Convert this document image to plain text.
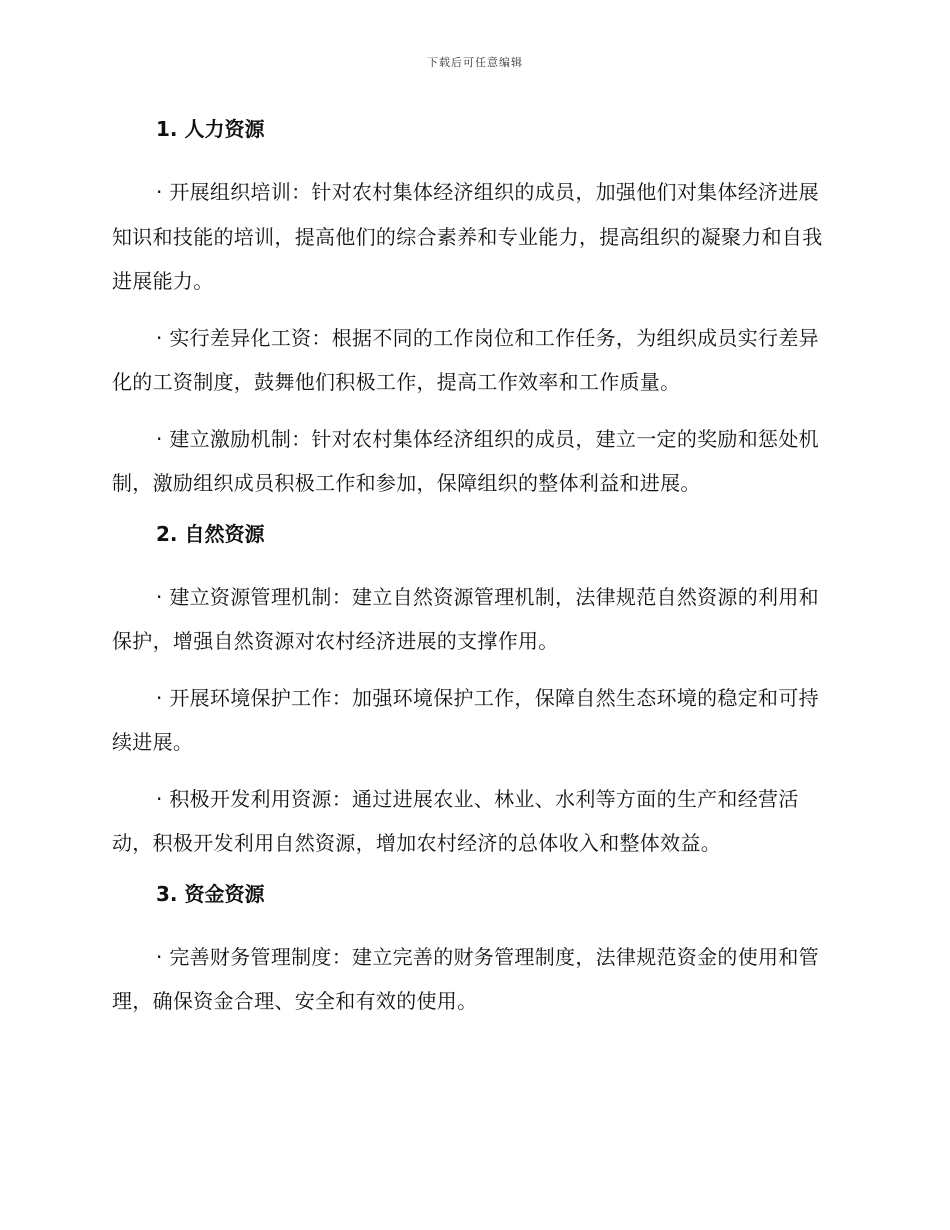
下载后可任意编辑
1. 人力资源

· 开展组织培训：针对农村集体经济组织的成员，加强他们对集体经济进展知识和技能的培训，提高他们的综合素养和专业能力，提高组织的凝聚力和自我进展能力。

· 实行差异化工资：根据不同的工作岗位和工作任务，为组织成员实行差异化的工资制度，鼓舞他们积极工作，提高工作效率和工作质量。

· 建立激励机制：针对农村集体经济组织的成员，建立一定的奖励和惩处机制，激励组织成员积极工作和参加，保障组织的整体利益和进展。

2. 自然资源

· 建立资源管理机制：建立自然资源管理机制，法律规范自然资源的利用和保护，增强自然资源对农村经济进展的支撑作用。

· 开展环境保护工作：加强环境保护工作，保障自然生态环境的稳定和可持续进展。

· 积极开发利用资源：通过进展农业、林业、水利等方面的生产和经营活动，积极开发利用自然资源，增加农村经济的总体收入和整体效益。

3. 资金资源

· 完善财务管理制度：建立完善的财务管理制度，法律规范资金的使用和管理，确保资金合理、安全和有效的使用。
